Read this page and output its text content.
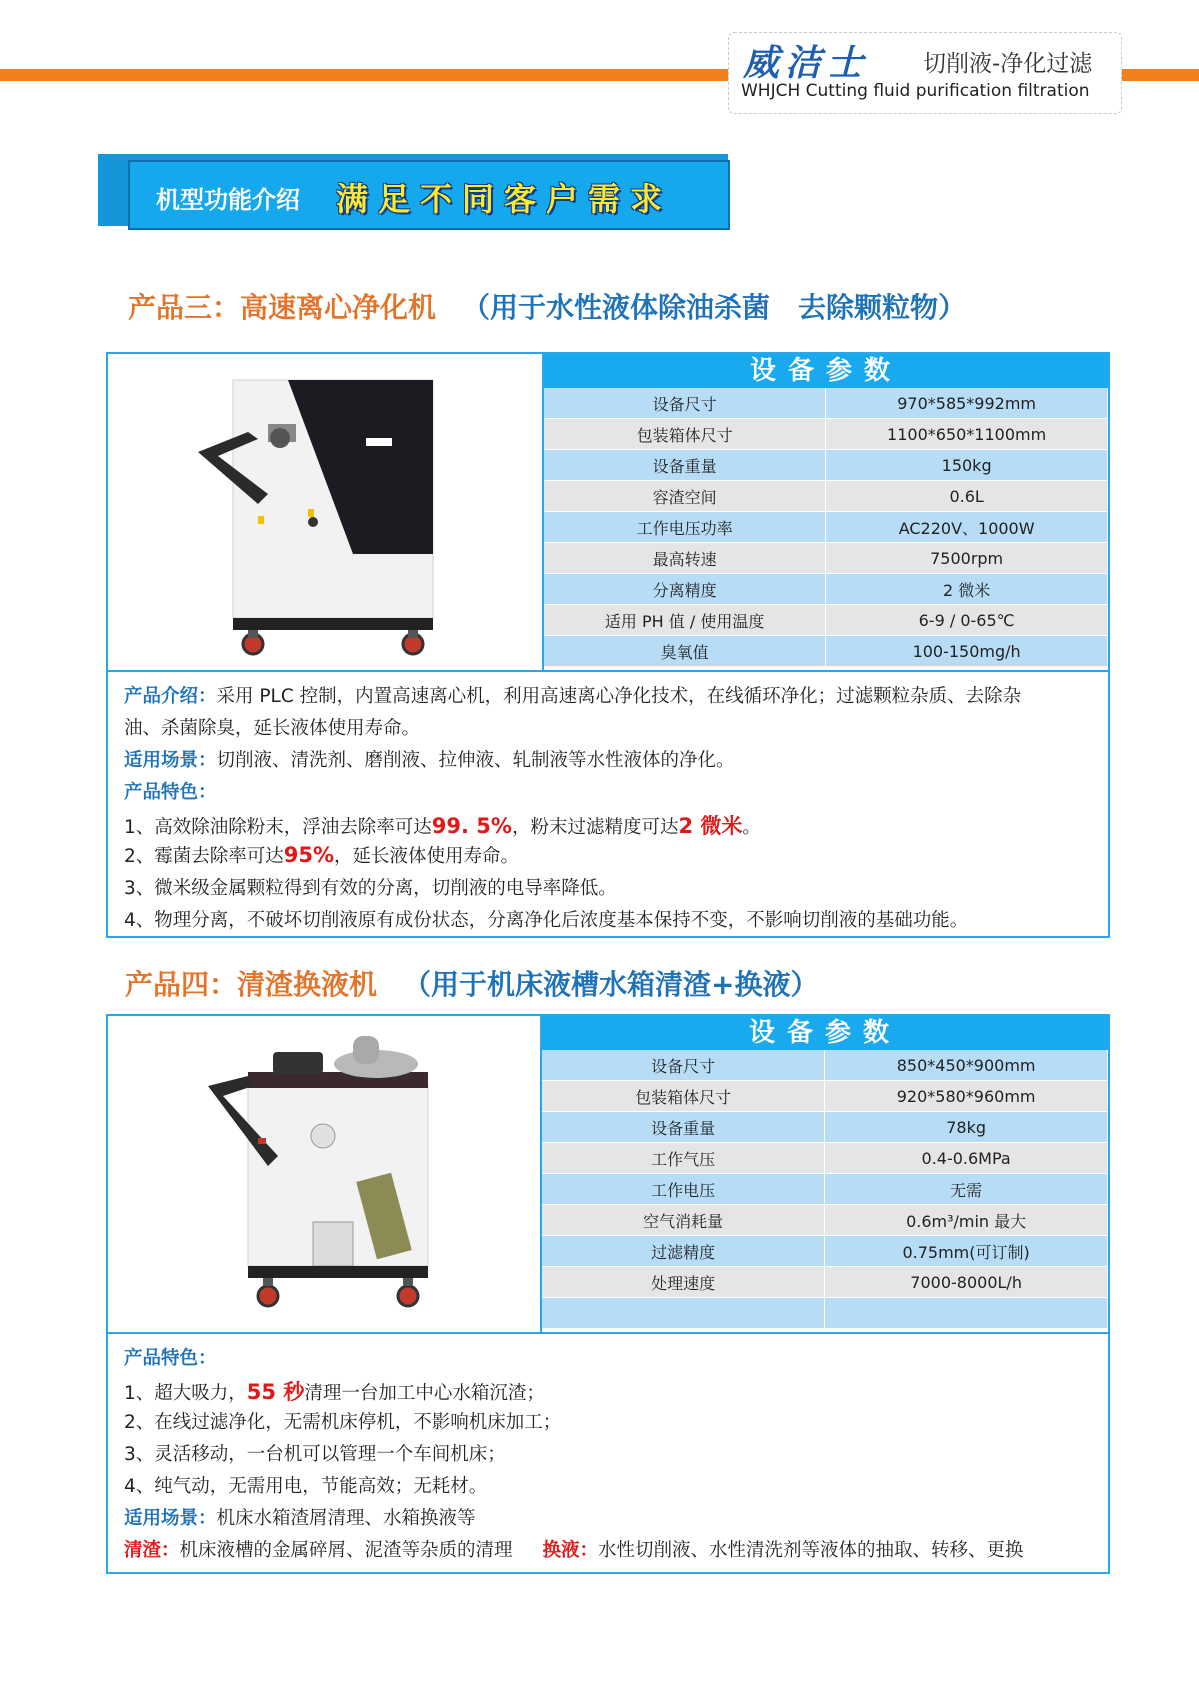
威洁士 切削液-净化过滤
WHJCH Cutting fluid purification filtration
机型功能介绍 满足不同客户需求
产品三：高速离心净化机 （用于水性液体除油杀菌　去除颗粒物）
设备参数
设备尺寸	970*585*992mm
包装箱体尺寸	1100*650*1100mm
设备重量	150kg
容渣空间	0.6L
工作电压功率	AC220V、1000W
最高转速	7500rpm
分离精度	2 微米
适用 PH 值 / 使用温度	6-9 / 0-65℃
臭氧值	100-150mg/h
产品介绍：采用 PLC 控制，内置高速离心机，利用高速离心净化技术，在线循环净化；过滤颗粒杂质、去除杂
油、杀菌除臭，延长液体使用寿命。
适用场景：切削液、清洗剂、磨削液、拉伸液、轧制液等水性液体的净化。
产品特色：
1、高效除油除粉末，浮油去除率可达99. 5%，粉末过滤精度可达2 微米。
2、霉菌去除率可达95%，延长液体使用寿命。
3、微米级金属颗粒得到有效的分离，切削液的电导率降低。
4、物理分离，不破坏切削液原有成份状态，分离净化后浓度基本保持不变，不影响切削液的基础功能。
产品四：清渣换液机 （用于机床液槽水箱清渣+换液）
设备参数
设备尺寸	850*450*900mm
包装箱体尺寸	920*580*960mm
设备重量	78kg
工作气压	0.4-0.6MPa
工作电压	无需
空气消耗量	0.6m³/min 最大
过滤精度	0.75mm(可订制)
处理速度	7000-8000L/h

产品特色：
1、超大吸力，55 秒清理一台加工中心水箱沉渣；
2、在线过滤净化，无需机床停机，不影响机床加工；
3、灵活移动，一台机可以管理一个车间机床；
4、纯气动，无需用电，节能高效；无耗材。
适用场景：机床水箱渣屑清理、水箱换液等
清渣：机床液槽的金属碎屑、泥渣等杂质的清理 换液：水性切削液、水性清洗剂等液体的抽取、转移、更换
